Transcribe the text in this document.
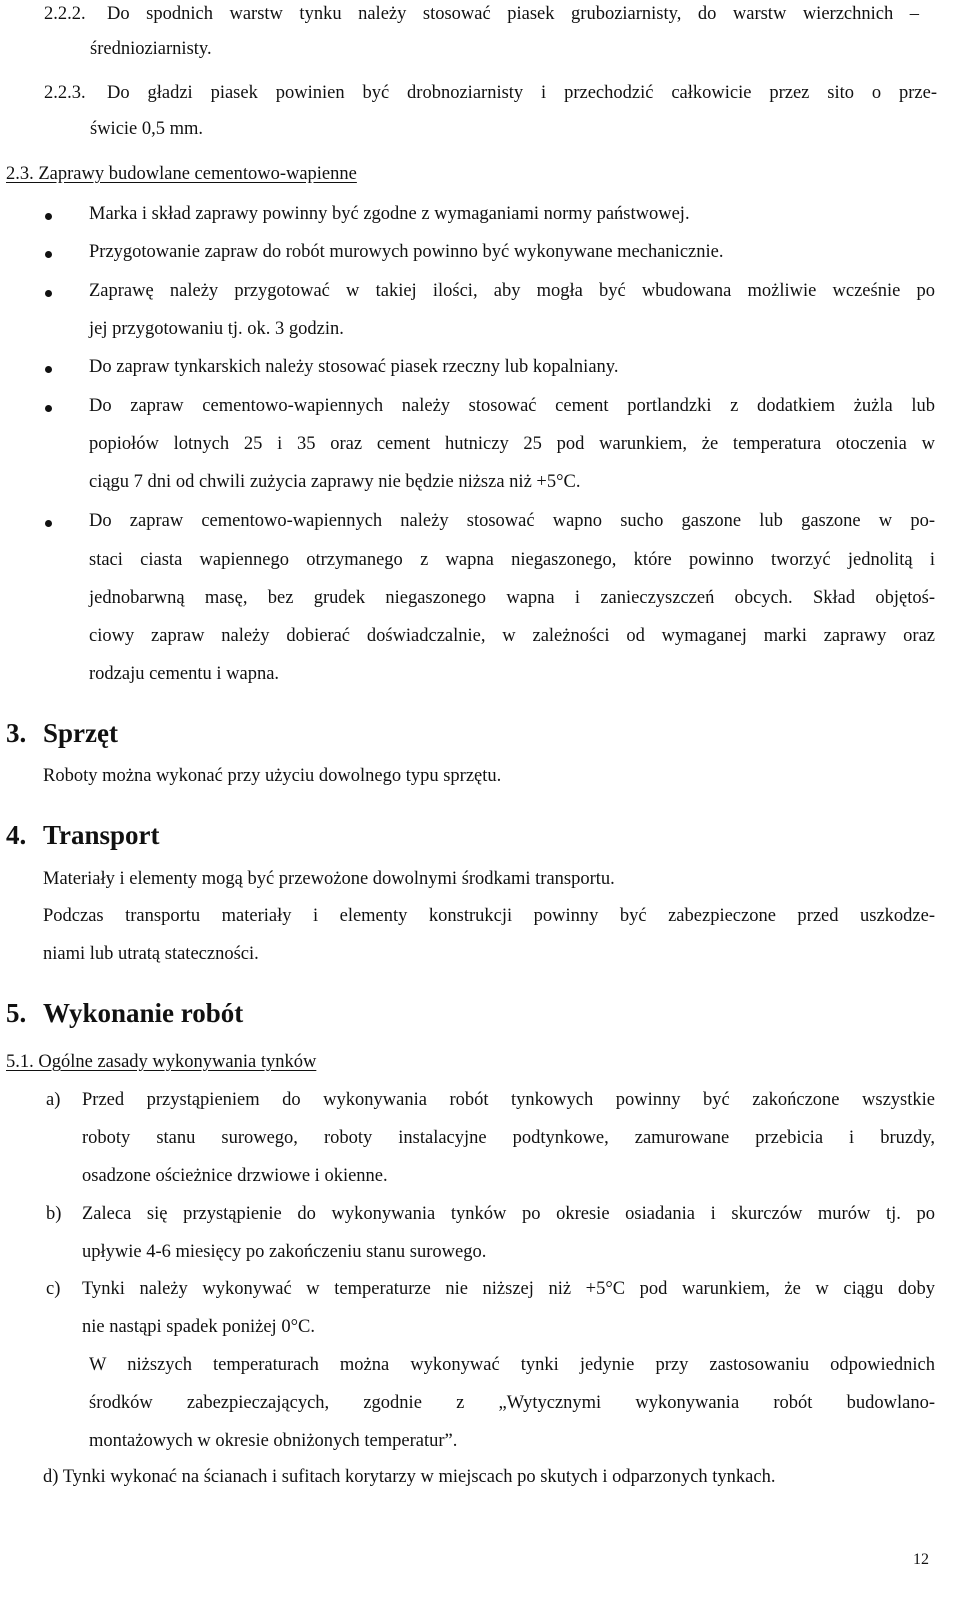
2.2.2. Do spodnich warstw tynku należy stosować piasek gruboziarnisty, do warstw wierzchnich –
średnioziarnisty.
2.2.3. Do gładzi piasek powinien być drobnoziarnisty i przechodzić całkowicie przez sito o prze-
świcie 0,5 mm.
2.3. Zaprawy budowlane cementowo-wapienne
Marka i skład zaprawy powinny być zgodne z wymaganiami normy państwowej.
Przygotowanie zapraw do robót murowych powinno być wykonywane mechanicznie.
Zaprawę należy przygotować w takiej ilości, aby mogła być wbudowana możliwie wcześnie po
jej przygotowaniu tj. ok. 3 godzin.
Do zapraw tynkarskich należy stosować piasek rzeczny lub kopalniany.
Do zapraw cementowo-wapiennych należy stosować cement portlandzki z dodatkiem żużla lub
popiołów lotnych 25 i 35 oraz cement hutniczy 25 pod warunkiem, że temperatura otoczenia w
ciągu 7 dni od chwili zużycia zaprawy nie będzie niższa niż +5°C.
Do zapraw cementowo-wapiennych należy stosować wapno sucho gaszone lub gaszone w po-
staci ciasta wapiennego otrzymanego z wapna niegaszonego, które powinno tworzyć jednolitą i
jednobarwną masę, bez grudek niegaszonego wapna i zanieczyszczeń obcych. Skład objętoś-
ciowy zapraw należy dobierać doświadczalnie, w zależności od wymaganej marki zaprawy oraz
rodzaju cementu i wapna.
3. Sprzęt
Roboty można wykonać przy użyciu dowolnego typu sprzętu.
4. Transport
Materiały i elementy mogą być przewożone dowolnymi środkami transportu.
Podczas transportu materiały i elementy konstrukcji powinny być zabezpieczone przed uszkodze-
niami lub utratą stateczności.
5. Wykonanie robót
5.1. Ogólne zasady wykonywania tynków
a) Przed przystąpieniem do wykonywania robót tynkowych powinny być zakończone wszystkie
roboty stanu surowego, roboty instalacyjne podtynkowe, zamurowane przebicia i bruzdy,
osadzone ościeżnice drzwiowe i okienne.
b) Zaleca się przystąpienie do wykonywania tynków po okresie osiadania i skurczów murów tj. po
upływie 4-6 miesięcy po zakończeniu stanu surowego.
c) Tynki należy wykonywać w temperaturze nie niższej niż +5°C pod warunkiem, że w ciągu doby
nie nastąpi spadek poniżej 0°C.
W niższych temperaturach można wykonywać tynki jedynie przy zastosowaniu odpowiednich
środków zabezpieczających, zgodnie z „Wytycznymi wykonywania robót budowlano-
montażowych w okresie obniżonych temperatur”.
d) Tynki wykonać na ścianach i sufitach korytarzy w miejscach po skutych i odparzonych tynkach.
12
